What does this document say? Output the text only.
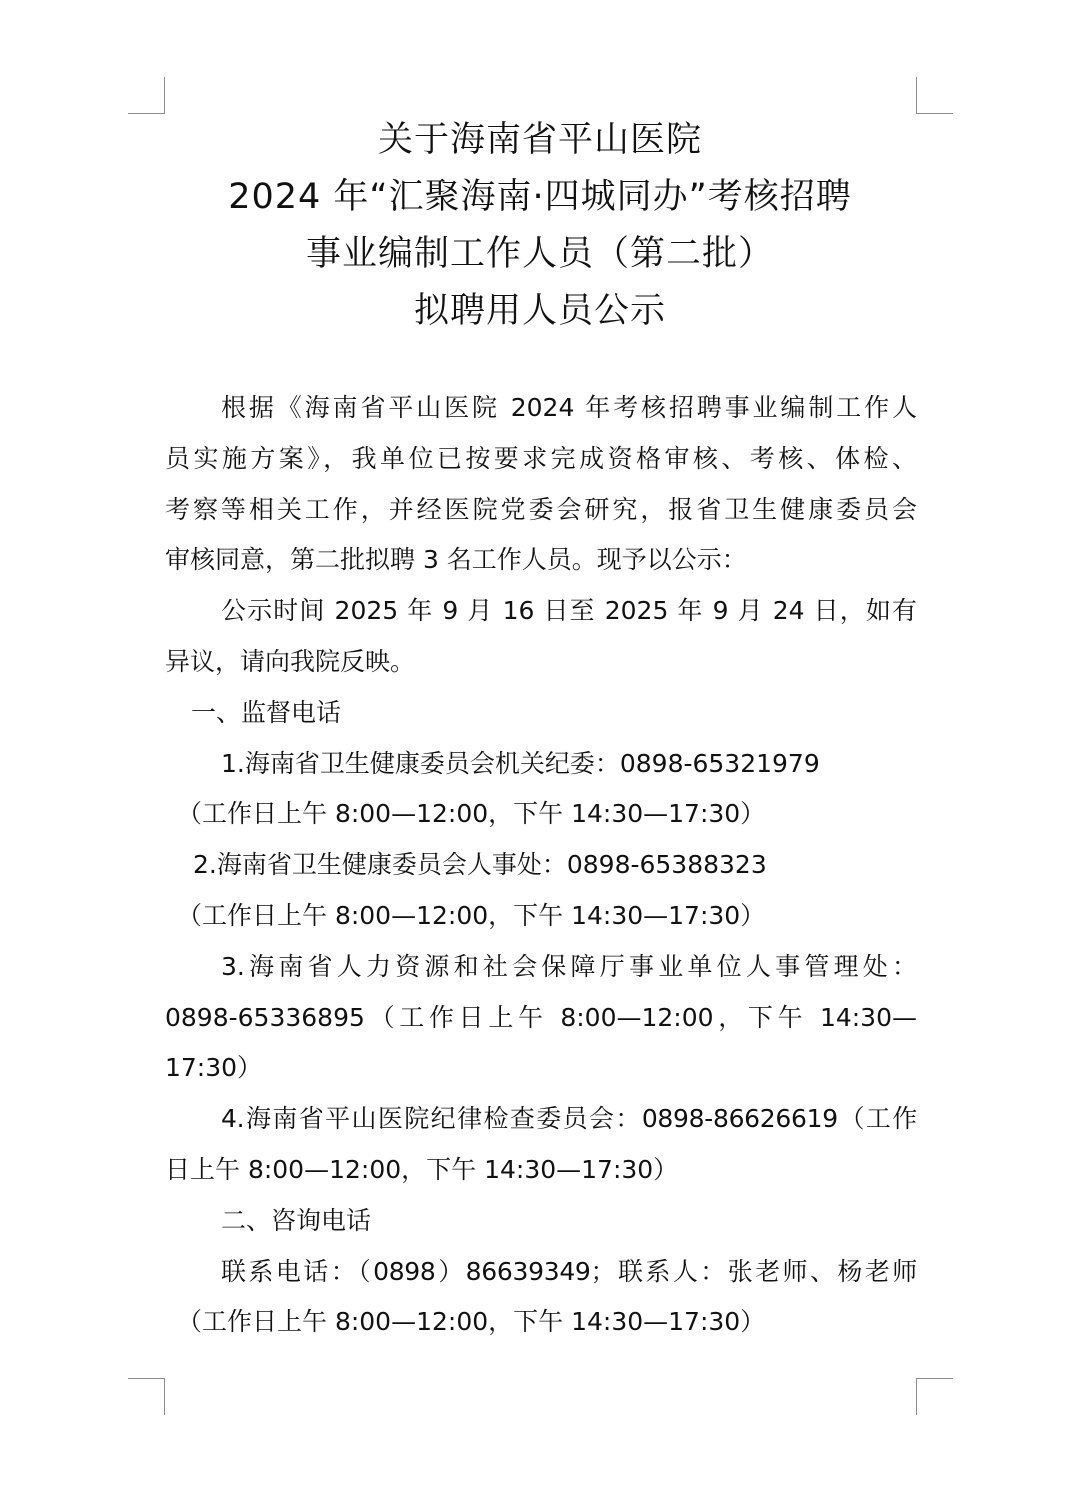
关于海南省平山医院
2024 年“汇聚海南·四城同办”考核招聘
事业编制工作人员（第二批）
拟聘用人员公示
根据《海南省平山医院 2024 年考核招聘事业编制工作人
员实施方案》，我单位已按要求完成资格审核、考核、体检、
考察等相关工作，并经医院党委会研究，报省卫生健康委员会
审核同意，第二批拟聘 3 名工作人员。现予以公示：
公示时间 2025 年 9 月 16 日至 2025 年 9 月 24 日，如有
异议，请向我院反映。
一、监督电话
1.海南省卫生健康委员会机关纪委：0898-65321979
（工作日上午 8:00—12:00，下午 14:30—17:30）
2.海南省卫生健康委员会人事处：0898-65388323
（工作日上午 8:00—12:00，下午 14:30—17:30）
3.海南省人力资源和社会保障厅事业单位人事管理处：
0898-65336895（工作日上午 8:00—12:00，下午 14:30—
17:30）
4.海南省平山医院纪律检查委员会：0898-86626619（工作
日上午 8:00—12:00，下午 14:30—17:30）
二、咨询电话
联系电话：（0898）86639349；联系人：张老师、杨老师
（工作日上午 8:00—12:00，下午 14:30—17:30）
